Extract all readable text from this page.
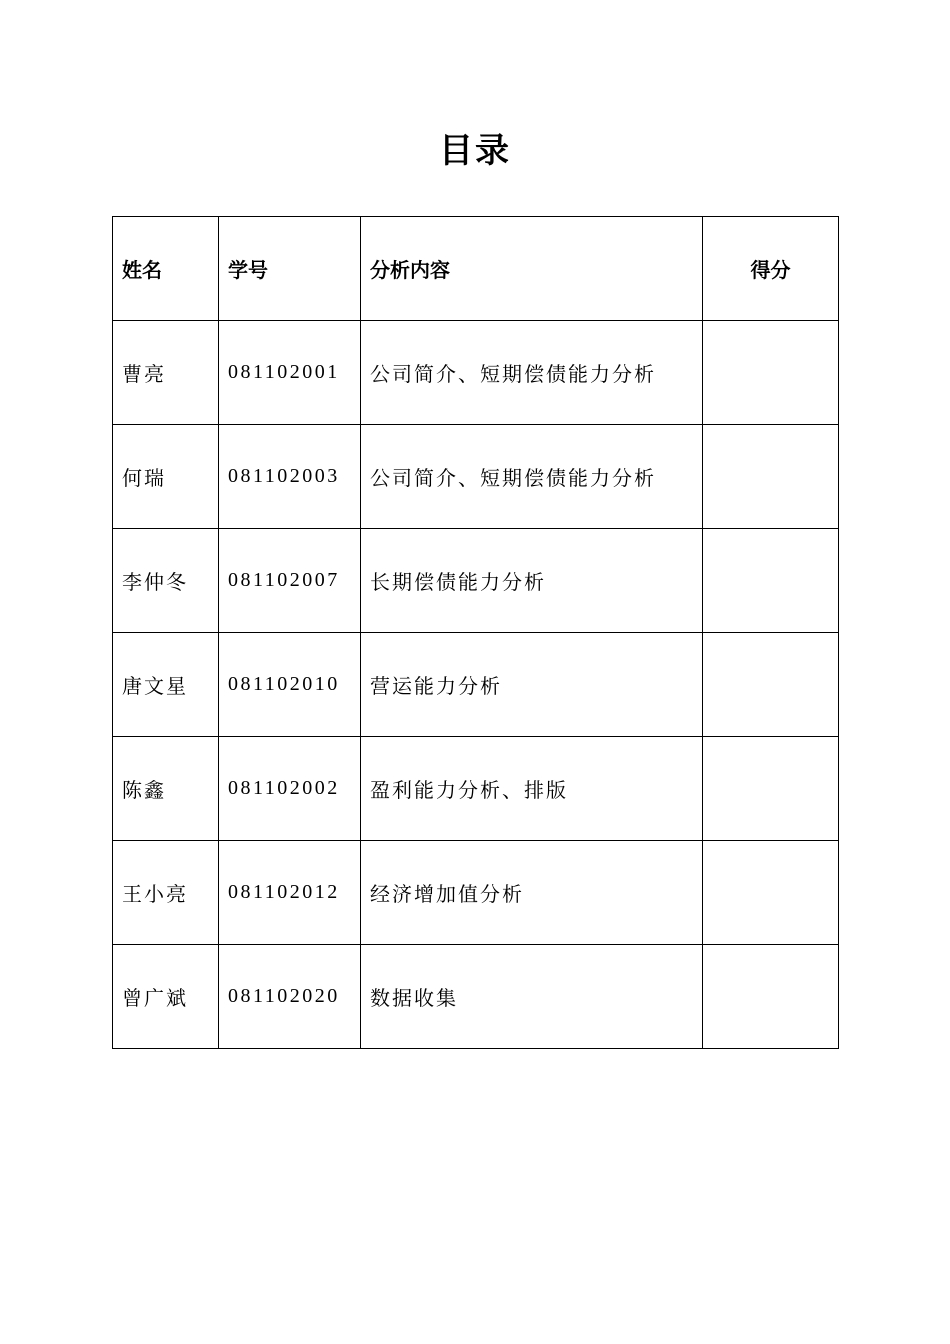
目录
姓名	学号	分析内容	得分
曹亮	081102001	公司简介、短期偿债能力分析	
何瑞	081102003	公司简介、短期偿债能力分析	
李仲冬	081102007	长期偿债能力分析	
唐文星	081102010	营运能力分析	
陈鑫	081102002	盈利能力分析、排版	
王小亮	081102012	经济增加值分析	
曾广斌	081102020	数据收集	
